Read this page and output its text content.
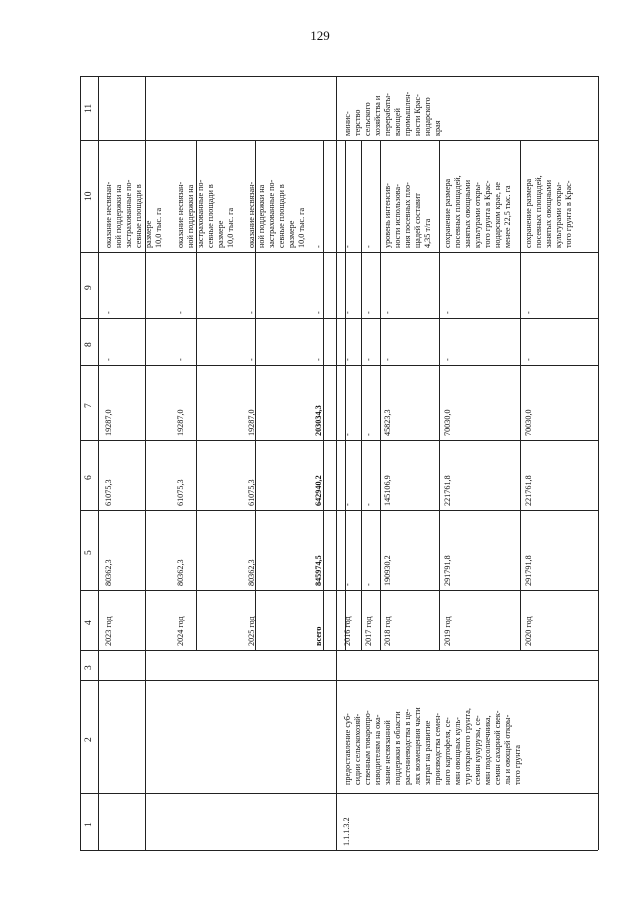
129
1
2
3
4
5
6
7
8
9
10
11
2023 год
80362,3
61075,3
19287,0
-
-
оказание несвязан- ной поддержки на застрахованные по- севные площади в размере 10,0 тыс. га
2024 год
80362,3
61075,3
19287,0
-
-
оказание несвязан- ной поддержки на застрахованные по- севные площади в размере 10,0 тыс. га
2025 год
80362,3
61075,3
19287,0
-
-
оказание несвязан- ной поддержки на застрахованные по- севные площади в размере 10,0 тыс. га
всего
845974,5
642940,2
203034,3
-
-
-
2016 год
-
-
-
-
-
-
2017 год
-
-
-
-
-
-
2018 год
190930,2
145106,9
45823,3
-
-
уровень интенсив- ности использова- ния посевных пло- щадей составит 4,35 т/га
2019 год
291791,8
221761,8
70030,0
-
-
сохранение размера посевных площадей, занятых овощными культурами откры- того грунта в Крас- нодарском крае, не менее 22,5 тыс. га
2020 год
291791,8
221761,8
70030,0
-
-
сохранение размера посевных площадей, занятых овощными культурами откры- того грунта в Крас-
1.1.1.3.2
предоставление суб- сидии сельскохозяй- ственным товаропро- изводителям на ока- зание несвязанной поддержки в области растениеводства в це- лях возмещения части затрат на развитие производства семен- ного картофеля, се- мян овощных куль- тур открытого грунта, семян кукурузы, се- мян подсолнечника, семян сахарной свек- лы и овощей откры- того грунта
минис- терство сельского хозяйства и перерабаты- вающей промышлен- ности Крас- нодарского края
